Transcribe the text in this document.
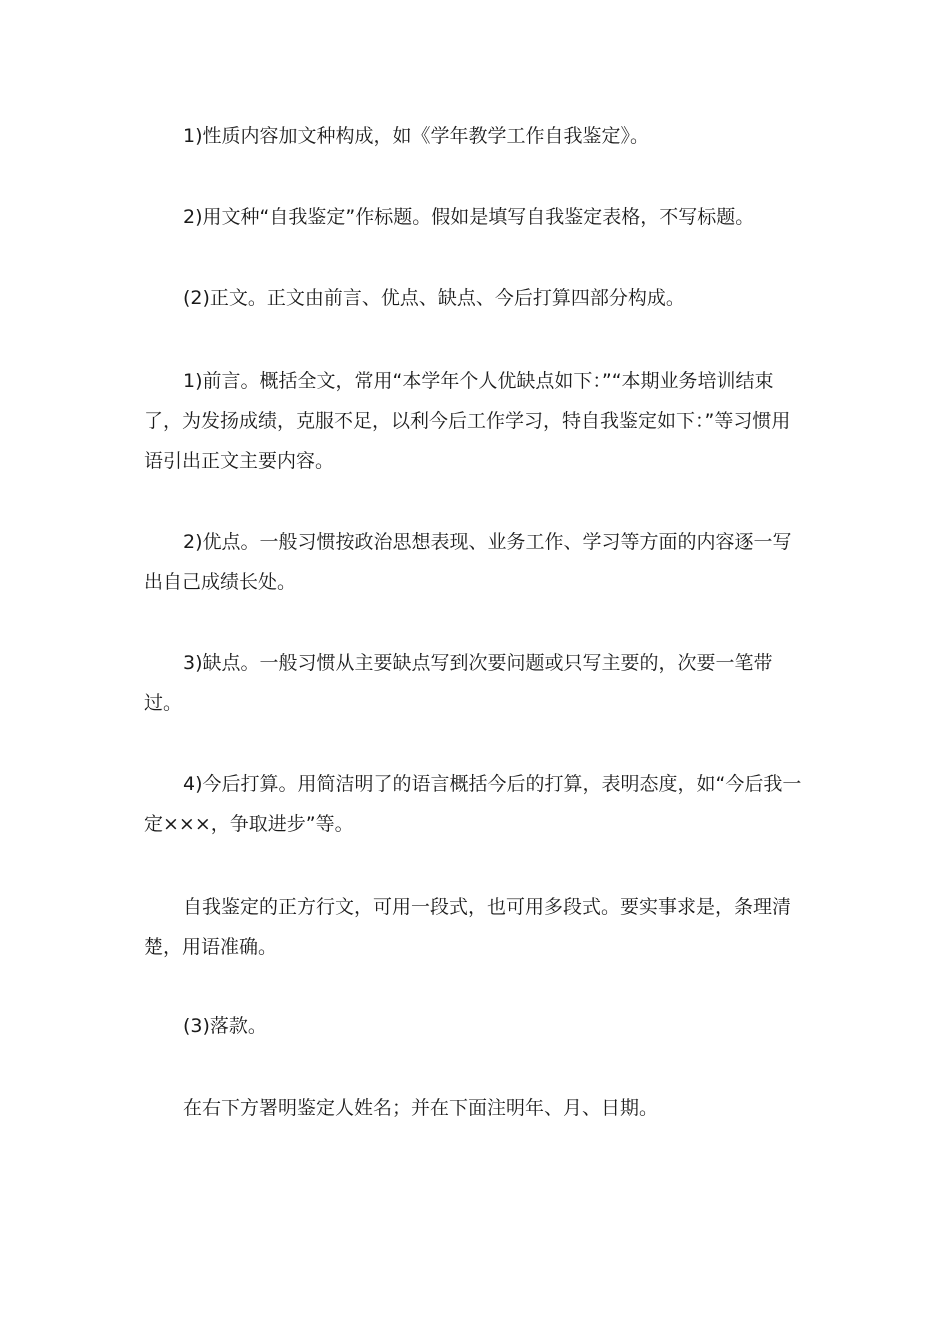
1)性质内容加文种构成，如《学年教学工作自我鉴定》。

2)用文种“自我鉴定”作标题。假如是填写自我鉴定表格，不写标题。

(2)正文。正文由前言、优点、缺点、今后打算四部分构成。

1)前言。概括全文，常用“本学年个人优缺点如下：”“本期业务培训结束了，为发扬成绩，克服不足，以利今后工作学习，特自我鉴定如下：”等习惯用语引出正文主要内容。

2)优点。一般习惯按政治思想表现、业务工作、学习等方面的内容逐一写出自己成绩长处。

3)缺点。一般习惯从主要缺点写到次要问题或只写主要的，次要一笔带过。

4)今后打算。用简洁明了的语言概括今后的打算，表明态度，如“今后我一定×××，争取进步”等。

自我鉴定的正方行文，可用一段式，也可用多段式。要实事求是，条理清楚，用语准确。

(3)落款。

在右下方署明鉴定人姓名；并在下面注明年、月、日期。
